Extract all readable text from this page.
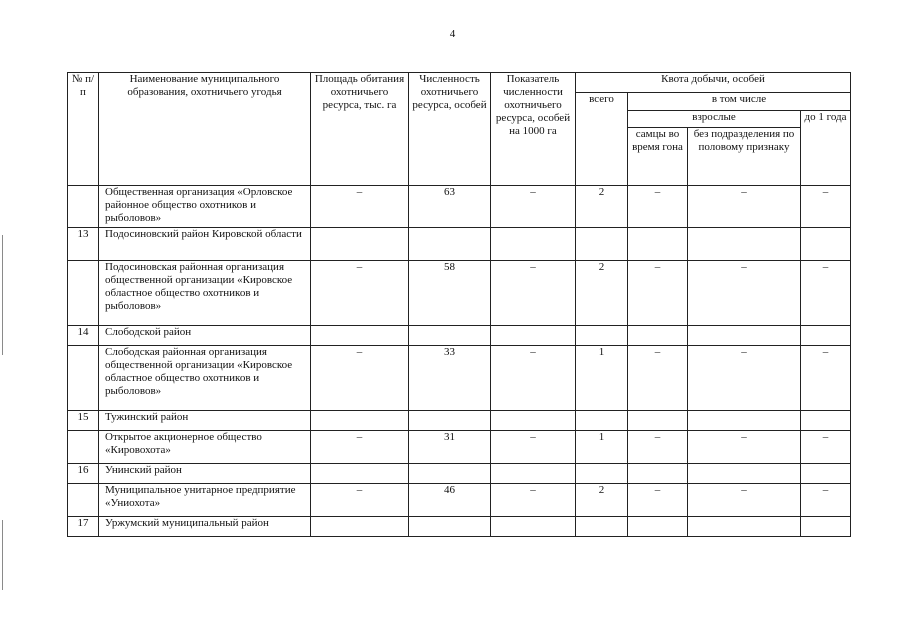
4
№ п/п	Наименование муниципального образования, охотничьего угодья	Площадь обитания охотничьего ресурса, тыс. га	Численность охотничьего ресурса, особей	Показатель численности охотничьего ресурса, особей на 1000 га	Квота добычи, особей			
					всего	в том числе		
						взрослые		до 1 года
						самцы во время гона	без подразделения по половому признаку	
	Общественная организация «Орловское районное общество охотников и рыболовов»	–	63	–	2	–	–	–
13	Подосиновский район Кировской области							
	Подосиновская районная организация общественной организации «Кировское областное общество охотников и рыболовов»	–	58	–	2	–	–	–
14	Слободской район							
	Слободская районная организация общественной организации «Кировское областное общество охотников и рыболовов»	–	33	–	1	–	–	–
15	Тужинский район							
	Открытое акционерное общество «Кировохота»	–	31	–	1	–	–	–
16	Унинский район							
	Муниципальное унитарное предприятие «Униохота»	–	46	–	2	–	–	–
17	Уржумский муниципальный район							
